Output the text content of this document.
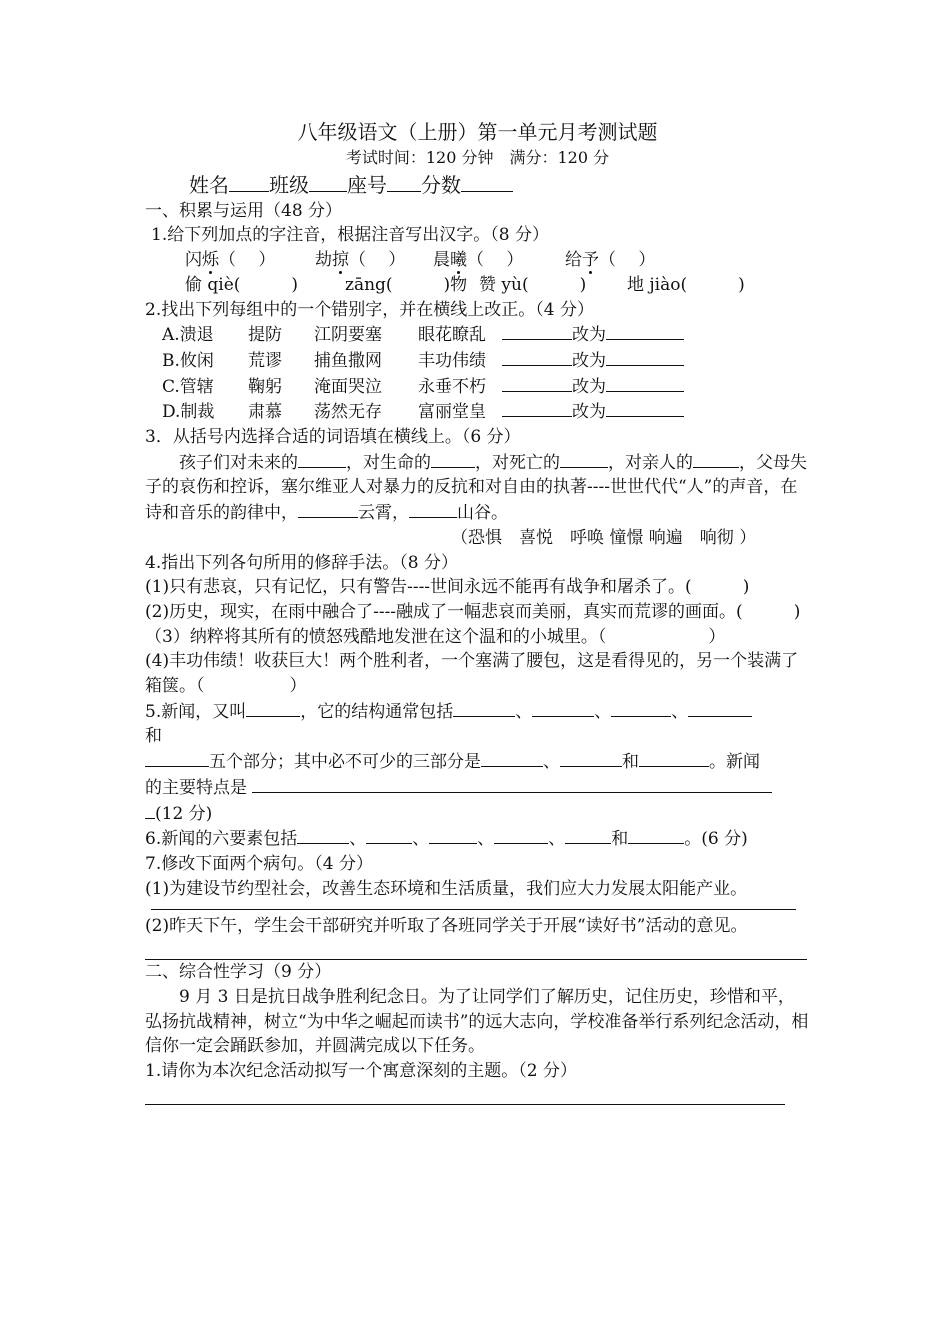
八年级语文（上册）第一单元月考测试题
考试时间：120 分钟　满分：120 分
姓名 班级 座号 分数
一、积累与运用（48 分）
1.给下列加点的字注音，根据注音写出汉字。（8 分）
闪烁（　 ） 劫掠（　 ） 晨曦（　 ） 给予（　 ）
偷 qiè(　　　)	zāng(　　　)物 赞 yù(　　　) 地 jiào(　　　)
2.找出下列每组中的一个错别字，并在横线上改正。（4 分）
A.溃退 提防 江阴要塞 眼花瞭乱	改为
B.攸闲 荒谬 捕鱼撒网 丰功伟绩	改为
C.管辖 鞠躬 淹面哭泣 永垂不朽	改为
D.制裁 肃慕 荡然无存 富丽堂皇	改为
3．从括号内选择合适的词语填在横线上。（6 分）
孩子们对未来的	，对生命的	，对死亡的	，对亲人的	，父母失子的哀伤和控诉，塞尔维亚人对暴力的反抗和对自由的执著----世世代代“人”的声音，在诗和音乐的韵律中，	云霄，	山谷。
（恐惧　喜悦　呼唤 憧憬 响遍　响彻 ）
4.指出下列各句所用的修辞手法。（8 分）
(1)只有悲哀，只有记忆，只有警告----世间永远不能再有战争和屠杀了。(　　　)
(2)历史，现实，在雨中融合了----融成了一幅悲哀而美丽，真实而荒谬的画面。(　　　)
（3）纳粹将其所有的愤怒残酷地发泄在这个温和的小城里。（　　　　　　）
(4)丰功伟绩！收获巨大！两个胜利者，一个塞满了腰包，这是看得见的，另一个装满了箱箧。（　　　　　）
5.新闻，又叫	，它的结构通常包括	、	、	、
和
五个部分；其中必不可少的三部分是	、	和	。新闻
的主要特点是
(12 分)
6.新闻的六要素包括	、	、	、	、	和	。(6 分)
7.修改下面两个病句。（4 分）
(1)为建设节约型社会，改善生态环境和生活质量，我们应大力发展太阳能产业。
(2)昨天下午，学生会干部研究并听取了各班同学关于开展“读好书”活动的意见。
二、综合性学习（9 分）
9 月 3 日是抗日战争胜利纪念日。为了让同学们了解历史，记住历史，珍惜和平，弘扬抗战精神，树立“为中华之崛起而读书”的远大志向，学校准备举行系列纪念活动，相信你一定会踊跃参加，并圆满完成以下任务。
1.请你为本次纪念活动拟写一个寓意深刻的主题。（2 分）
